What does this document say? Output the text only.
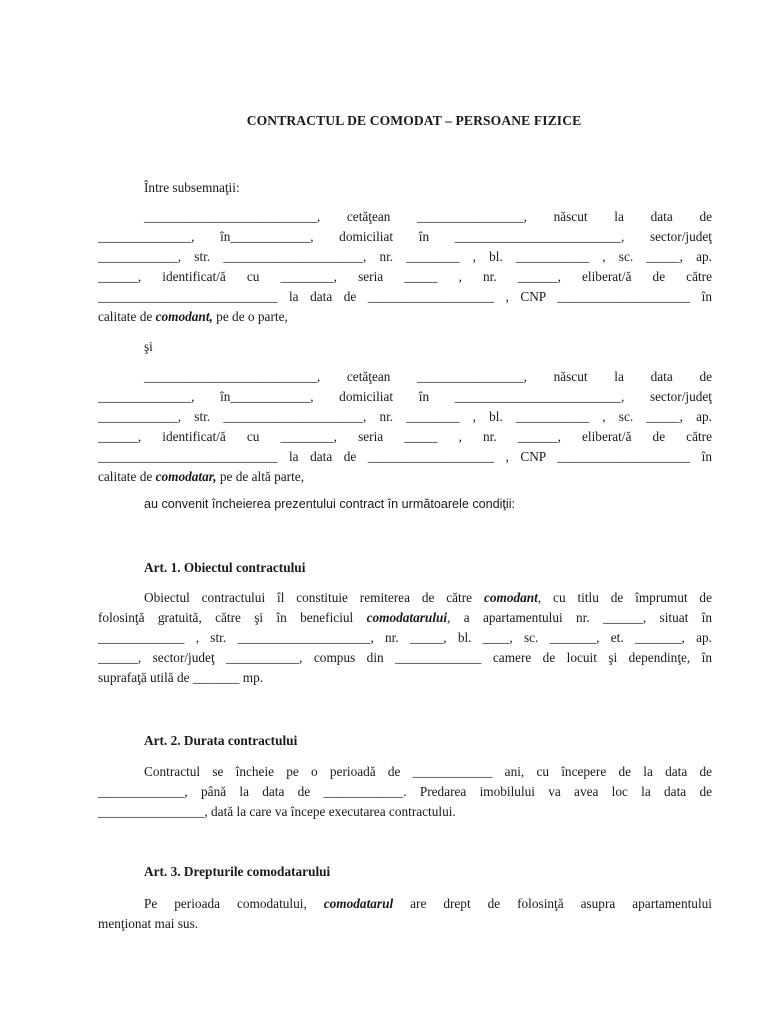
CONTRACTUL DE COMODAT – PERSOANE FIZICE
Între subsemnaţii:
__________________________, cetăţean ________________, născut la data de
______________, în____________, domiciliat în _________________________, sector/judeţ
____________, str. _____________________, nr. ________ , bl. ___________ , sc. _____, ap.
______, identificat/ă cu ________, seria _____ , nr. ______, eliberat/ă de către
___________________________ la data de ___________________ , CNP ____________________ în
calitate de comodant, pe de o parte,
şi
__________________________, cetăţean ________________, născut la data de
______________, în____________, domiciliat în _________________________, sector/judeţ
____________, str. _____________________, nr. ________ , bl. ___________ , sc. _____, ap.
______, identificat/ă cu ________, seria _____ , nr. ______, eliberat/ă de către
___________________________ la data de ___________________ , CNP ____________________ în
calitate de comodatar, pe de altă parte,
au convenit încheierea prezentului contract în următoarele condiţii:
Art. 1. Obiectul contractului
Obiectul contractului îl constituie remiterea de către comodant, cu titlu de împrumut de
folosinţă gratuită, către şi în beneficiul comodatarului, a apartamentului nr. ______, situat în
_____________ , str. ____________________, nr. _____, bl. ____, sc. _______, et. _______, ap.
______, sector/judeţ ___________, compus din _____________ camere de locuit şi dependinţe, în
suprafaţă utilă de _______ mp.
Art. 2. Durata contractului
Contractul se încheie pe o perioadă de ____________ ani, cu începere de la data de
_____________, până la data de ____________. Predarea imobilului va avea loc la data de
________________, dată la care va începe executarea contractului.
Art. 3. Drepturile comodatarului
Pe perioada comodatului, comodatarul are drept de folosinţă asupra apartamentului
menţionat mai sus.
